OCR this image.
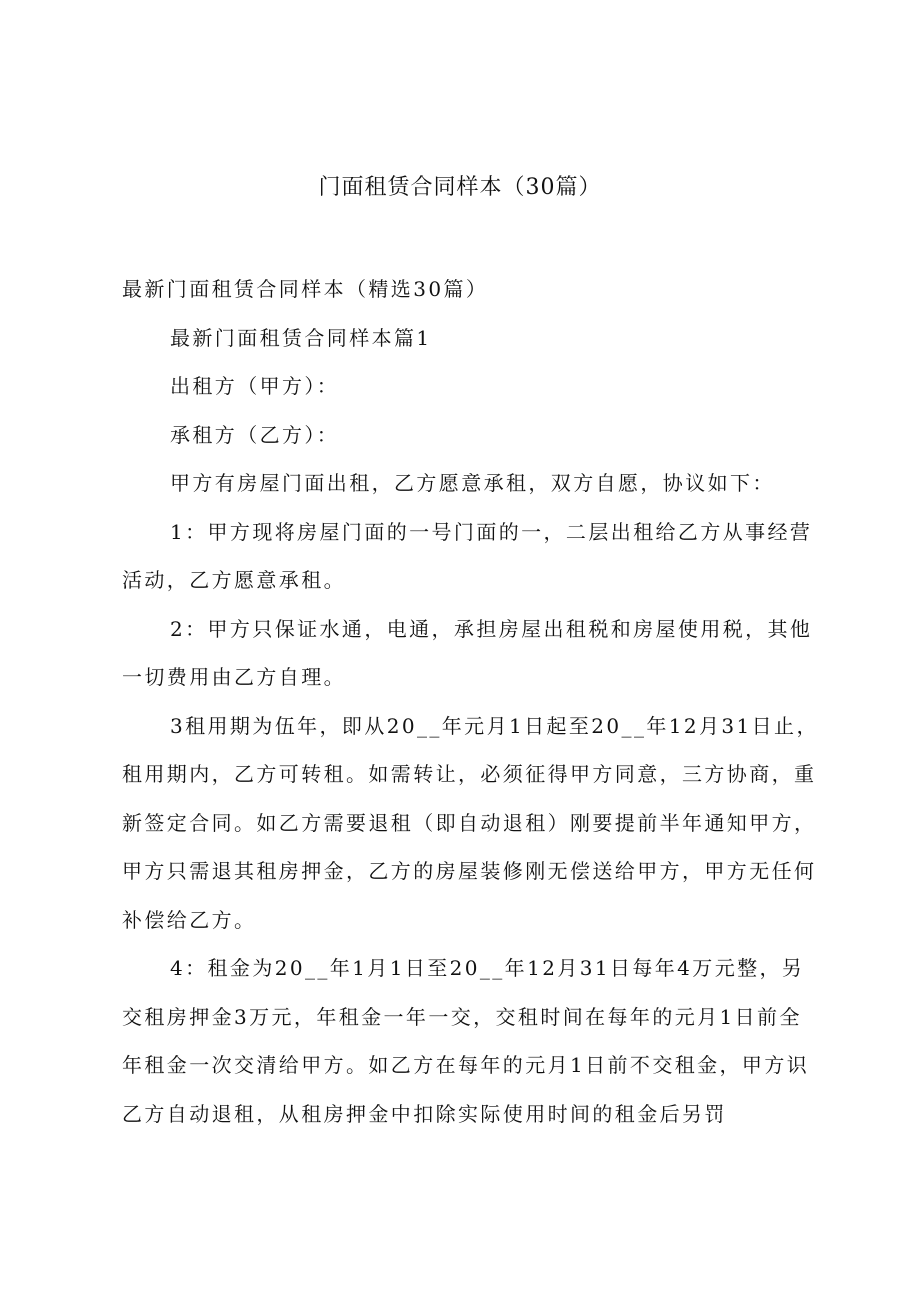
门面租赁合同样本（30篇）

最新门面租赁合同样本（精选30篇）

最新门面租赁合同样本篇1

出租方（甲方）：

承租方（乙方）：

甲方有房屋门面出租，乙方愿意承租，双方自愿，协议如下：

1：甲方现将房屋门面的一号门面的一，二层出租给乙方从事经营活动，乙方愿意承租。

2：甲方只保证水通，电通，承担房屋出租税和房屋使用税，其他一切费用由乙方自理。

3租用期为伍年，即从20__年元月1日起至20__年12月31日止，租用期内，乙方可转租。如需转让，必须征得甲方同意，三方协商，重新签定合同。如乙方需要退租（即自动退租）刚要提前半年通知甲方，甲方只需退其租房押金，乙方的房屋装修刚无偿送给甲方，甲方无任何补偿给乙方。

4：租金为20__年1月1日至20__年12月31日每年4万元整，另交租房押金3万元，年租金一年一交，交租时间在每年的元月1日前全年租金一次交清给甲方。如乙方在每年的元月1日前不交租金，甲方识乙方自动退租，从租房押金中扣除实际使用时间的租金后另罚
